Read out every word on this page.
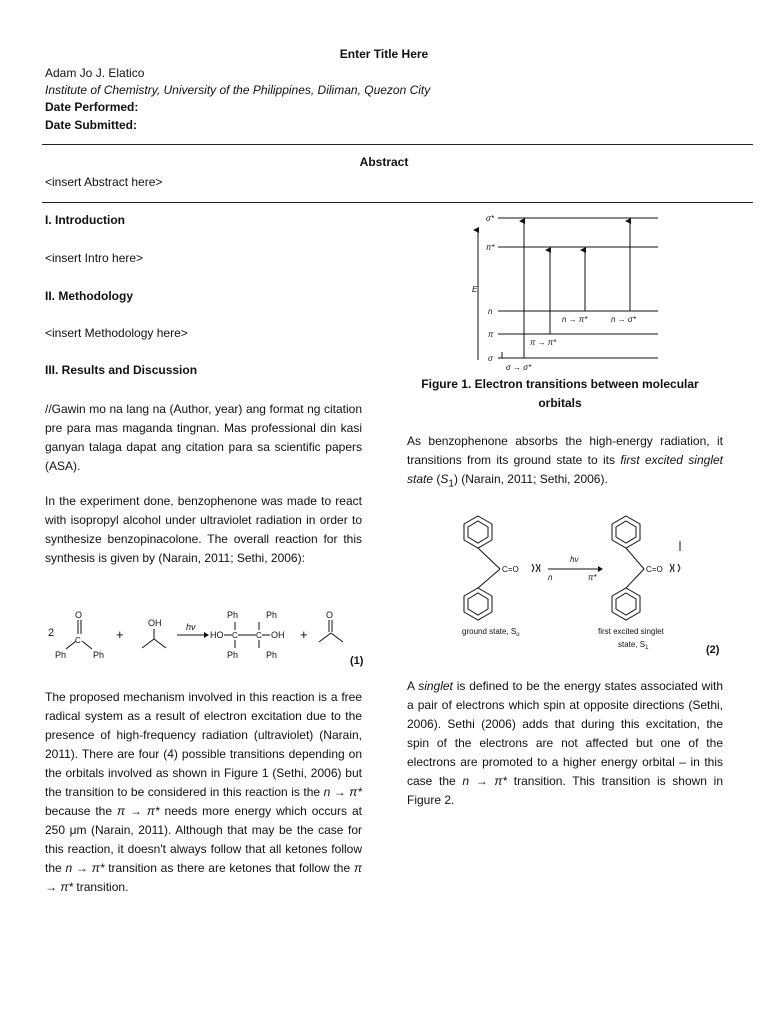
Enter Title Here
Adam Jo J. Elatico
Institute of Chemistry, University of the Philippines, Diliman, Quezon City
Date Performed:
Date Submitted:
Abstract
<insert Abstract here>
I. Introduction
<insert Intro here>
II. Methodology
<insert Methodology here>
III. Results and Discussion
//Gawin mo na lang na (Author, year) ang format ng citation pre para mas maganda tingnan. Mas professional din kasi ganyan talaga dapat ang citation para sa scientific papers (ASA).
In the experiment done, benzophenone was made to react with isopropyl alcohol under ultraviolet radiation in order to synthesize benzopinacolone. The overall reaction for this synthesis is given by (Narain, 2011; Sethi, 2006):
2
O
C
Ph	Ph
+
OH	hν
HO C C OH
Ph
Ph
Ph
Ph
+
O
(1)
The proposed mechanism involved in this reaction is a free radical system as a result of electron excitation due to the presence of high-frequency radiation (ultraviolet) (Narain, 2011). There are four (4) possible transitions depending on the orbitals involved as shown in Figure 1 (Sethi, 2006) but the transition to be considered in this reaction is the n → π* because the π → π* needs more energy which occurs at 250 μm (Narain, 2011). Although that may be the case for this reaction, it doesn't always follow that all ketones follow the n → π* transition as there are ketones that follow the π → π* transition.
σ*
π*
n
π
σ
E
n → π*	n → σ*
π → π*
σ → σ*
Figure 1. Electron transitions between molecular orbitals
As benzophenone absorbs the high-energy radiation, it transitions from its ground state to its first excited singlet state $(S_1)$ (Narain, 2011; Sethi, 2006).
C=O	C=O
hν
n	π*
ground state, $S_o$	first excited singlet
state, $S_1$	(2)
A singlet is defined to be the energy states associated with a pair of electrons which spin at opposite directions (Sethi, 2006). Sethi (2006) adds that during this excitation, the spin of the electrons are not affected but one of the electrons are promoted to a higher energy orbital – in this case the n → π* transition. This transition is shown in Figure 2.
